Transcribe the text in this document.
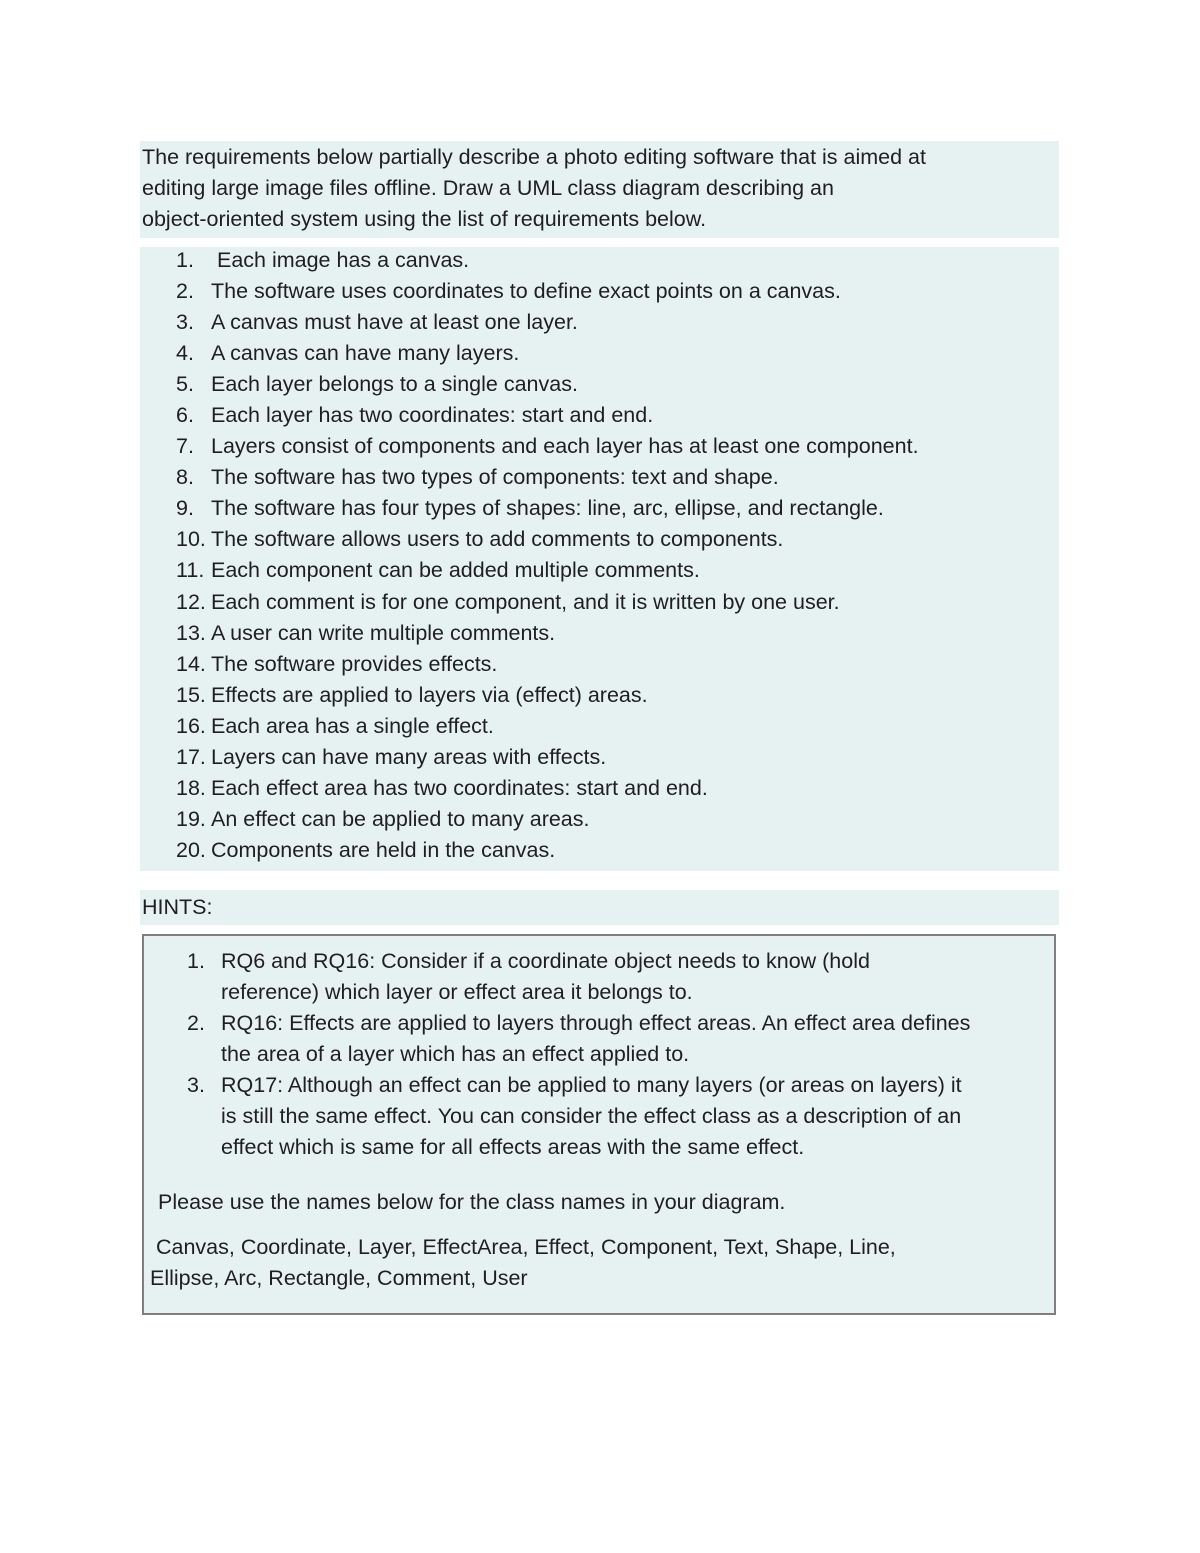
The requirements below partially describe a photo editing software that is aimed at

editing large image files offline. Draw a UML class diagram describing an

object-oriented system using the list of requirements below.

1. Each image has a canvas.
2. The software uses coordinates to define exact points on a canvas.
3. A canvas must have at least one layer.
4. A canvas can have many layers.
5. Each layer belongs to a single canvas.
6. Each layer has two coordinates: start and end.
7. Layers consist of components and each layer has at least one component.
8. The software has two types of components: text and shape.
9. The software has four types of shapes: line, arc, ellipse, and rectangle.
10. The software allows users to add comments to components.
11. Each component can be added multiple comments.
12. Each comment is for one component, and it is written by one user.
13. A user can write multiple comments.
14. The software provides effects.
15. Effects are applied to layers via (effect) areas.
16. Each area has a single effect.
17. Layers can have many areas with effects.
18. Each effect area has two coordinates: start and end.
19. An effect can be applied to many areas.
20. Components are held in the canvas.
HINTS:
1. RQ6 and RQ16: Consider if a coordinate object needs to know (hold
reference) which layer or effect area it belongs to.
2. RQ16: Effects are applied to layers through effect areas. An effect area defines
the area of a layer which has an effect applied to.
3. RQ17: Although an effect can be applied to many layers (or areas on layers) it
is still the same effect. You can consider the effect class as a description of an
effect which is same for all effects areas with the same effect.
Please use the names below for the class names in your diagram.
Canvas, Coordinate, Layer, EffectArea, Effect, Component, Text, Shape, Line,
Ellipse, Arc, Rectangle, Comment, User
